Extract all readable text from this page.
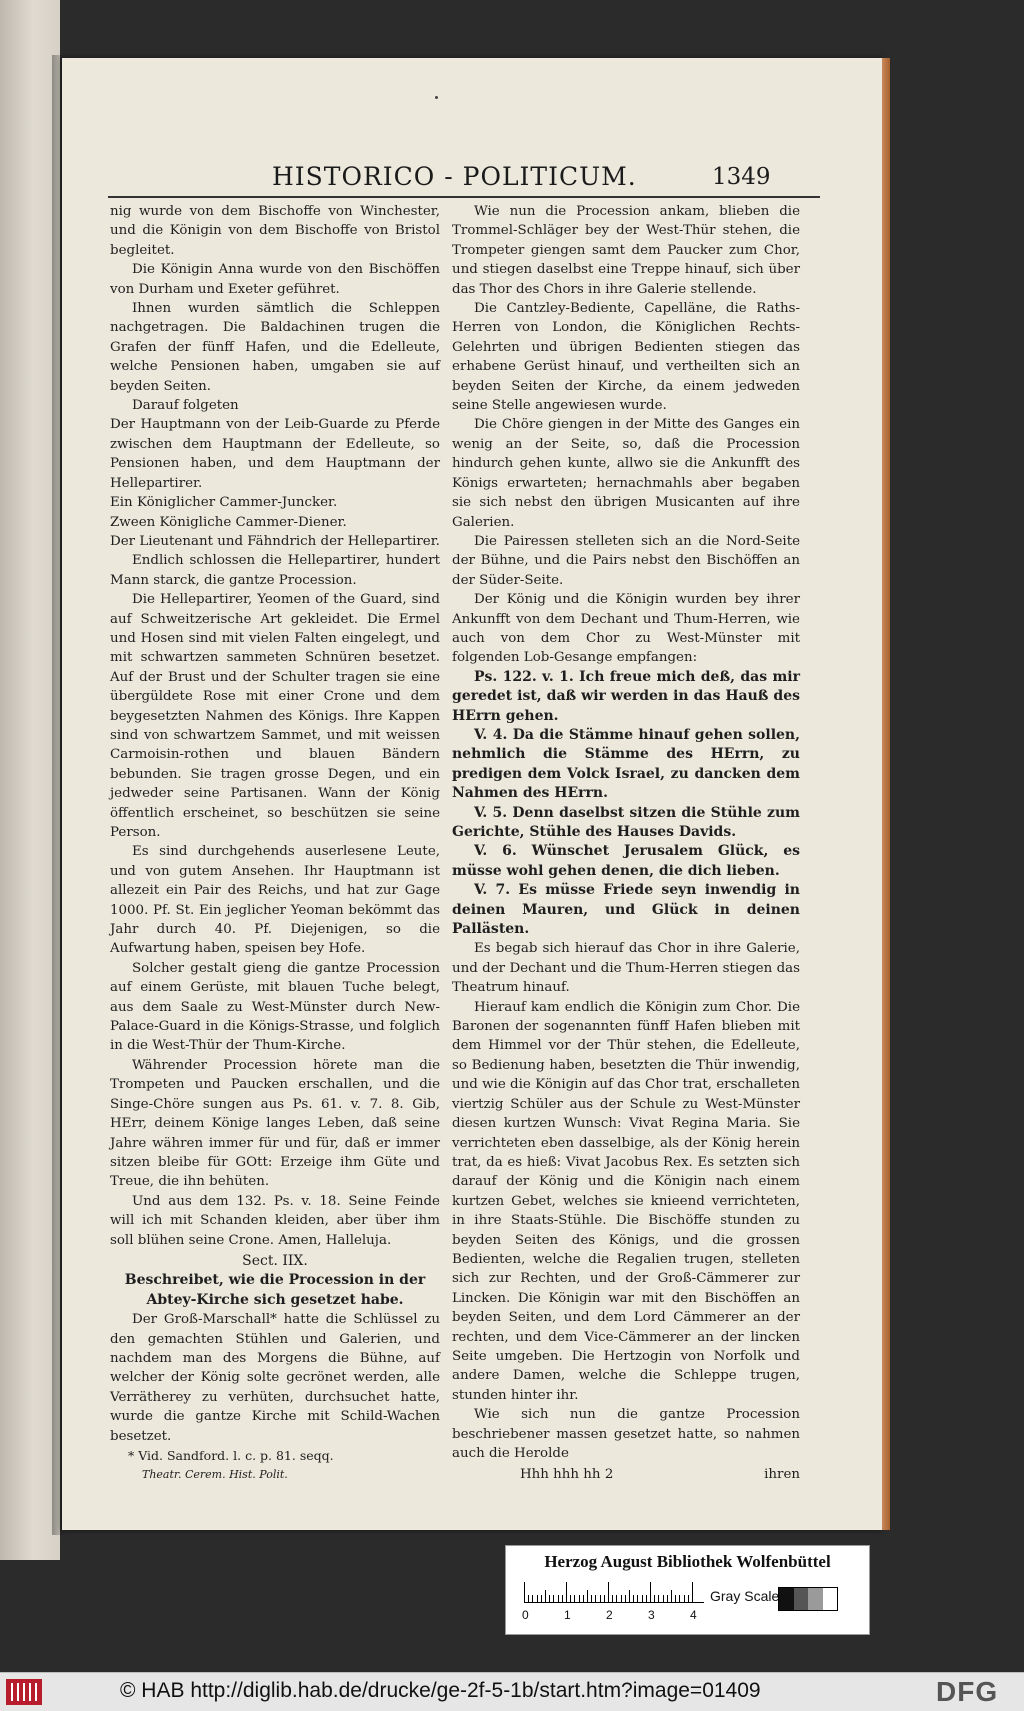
HISTORICO - POLITICUM.	1349

nig wurde von dem Bischoffe von Winchester, und die Königin von dem Bischoffe von Bristol begleitet.

Die Königin Anna wurde von den Bischöffen von Durham und Exeter geführet.

Ihnen wurden sämtlich die Schleppen nachgetragen. Die Baldachinen trugen die Grafen der fünff Hafen, und die Edelleute, welche Pensionen haben, umgaben sie auf beyden Seiten.

Darauf folgeten

Der Hauptmann von der Leib-Guarde zu Pferde zwischen dem Hauptmann der Edelleute, so Pensionen haben, und dem Hauptmann der Hellepartirer.

Ein Königlicher Cammer-Juncker.

Zween Königliche Cammer-Diener.

Der Lieutenant und Fähndrich der Hellepartirer.

Endlich schlossen die Hellepartirer, hundert Mann starck, die gantze Procession.

Die Hellepartirer, Yeomen of the Guard, sind auf Schweitzerische Art gekleidet. Die Ermel und Hosen sind mit vielen Falten eingelegt, und mit schwartzen sammeten Schnüren besetzet. Auf der Brust und der Schulter tragen sie eine übergüldete Rose mit einer Crone und dem beygesetzten Nahmen des Königs. Ihre Kappen sind von schwartzem Sammet, und mit weissen Carmoisin-rothen und blauen Bändern bebunden. Sie tragen grosse Degen, und ein jedweder seine Partisanen. Wann der König öffentlich erscheinet, so beschützen sie seine Person.

Es sind durchgehends auserlesene Leute, und von gutem Ansehen. Ihr Hauptmann ist allezeit ein Pair des Reichs, und hat zur Gage 1000. Pf. St. Ein jeglicher Yeoman bekömmt das Jahr durch 40. Pf. Diejenigen, so die Aufwartung haben, speisen bey Hofe.

Solcher gestalt gieng die gantze Procession auf einem Gerüste, mit blauen Tuche belegt, aus dem Saale zu West-Münster durch New-Palace-Guard in die Königs-Strasse, und folglich in die West-Thür der Thum-Kirche.

Währender Procession hörete man die Trompeten und Paucken erschallen, und die Singe-Chöre sungen aus Ps. 61. v. 7. 8. Gib, HErr, deinem Könige langes Leben, daß seine Jahre währen immer für und für, daß er immer sitzen bleibe für GOtt: Erzeige ihm Güte und Treue, die ihn behüten.

Und aus dem 132. Ps. v. 18. Seine Feinde will ich mit Schanden kleiden, aber über ihm soll blühen seine Crone. Amen, Halleluja.

Sect. IIX.

Beschreibet, wie die Procession in der Abtey-Kirche sich gesetzet habe.

Der Groß-Marschall* hatte die Schlüssel zu den gemachten Stühlen und Galerien, und nachdem man des Morgens die Bühne, auf welcher der König solte gecrönet werden, alle Verrätherey zu verhüten, durchsuchet hatte, wurde die gantze Kirche mit Schild-Wachen besetzet.

* Vid. Sandford. l. c. p. 81. seqq.

Theatr. Cerem. Hist. Polit.

Wie nun die Procession ankam, blieben die Trommel-Schläger bey der West-Thür stehen, die Trompeter giengen samt dem Paucker zum Chor, und stiegen daselbst eine Treppe hinauf, sich über das Thor des Chors in ihre Galerie stellende.

Die Cantzley-Bediente, Capelläne, die Raths-Herren von London, die Königlichen Rechts-Gelehrten und übrigen Bedienten stiegen das erhabene Gerüst hinauf, und vertheilten sich an beyden Seiten der Kirche, da einem jedweden seine Stelle angewiesen wurde.

Die Chöre giengen in der Mitte des Ganges ein wenig an der Seite, so, daß die Procession hindurch gehen kunte, allwo sie die Ankunfft des Königs erwarteten; hernachmahls aber begaben sie sich nebst den übrigen Musicanten auf ihre Galerien.

Die Pairessen stelleten sich an die Nord-Seite der Bühne, und die Pairs nebst den Bischöffen an der Süder-Seite.

Der König und die Königin wurden bey ihrer Ankunfft von dem Dechant und Thum-Herren, wie auch von dem Chor zu West-Münster mit folgenden Lob-Gesange empfangen:

Ps. 122. v. 1. Ich freue mich deß, das mir geredet ist, daß wir werden in das Hauß des HErrn gehen.

V. 4. Da die Stämme hinauf gehen sollen, nehmlich die Stämme des HErrn, zu predigen dem Volck Israel, zu dancken dem Nahmen des HErrn.

V. 5. Denn daselbst sitzen die Stühle zum Gerichte, Stühle des Hauses Davids.

V. 6. Wünschet Jerusalem Glück, es müsse wohl gehen denen, die dich lieben.

V. 7. Es müsse Friede seyn inwendig in deinen Mauren, und Glück in deinen Pallästen.

Es begab sich hierauf das Chor in ihre Galerie, und der Dechant und die Thum-Herren stiegen das Theatrum hinauf.

Hierauf kam endlich die Königin zum Chor. Die Baronen der sogenannten fünff Hafen blieben mit dem Himmel vor der Thür stehen, die Edelleute, so Bedienung haben, besetzten die Thür inwendig, und wie die Königin auf das Chor trat, erschalleten viertzig Schüler aus der Schule zu West-Münster diesen kurtzen Wunsch: Vivat Regina Maria. Sie verrichteten eben dasselbige, als der König herein trat, da es hieß: Vivat Jacobus Rex. Es setzten sich darauf der König und die Königin nach einem kurtzen Gebet, welches sie knieend verrichteten, in ihre Staats-Stühle. Die Bischöffe stunden zu beyden Seiten des Königs, und die grossen Bedienten, welche die Regalien trugen, stelleten sich zur Rechten, und der Groß-Cämmerer zur Lincken. Die Königin war mit den Bischöffen an beyden Seiten, und dem Lord Cämmerer an der rechten, und dem Vice-Cämmerer an der lincken Seite umgeben. Die Hertzogin von Norfolk und andere Damen, welche die Schleppe trugen, stunden hinter ihr.

Wie sich nun die gantze Procession beschriebener massen gesetzet hatte, so nahmen auch die Herolde

Hhh hhh hh 2	ihren
Herzog August Bibliothek Wolfenbüttel
0	1	2	3	4
Gray Scale
© HAB http://diglib.hab.de/drucke/ge-2f-5-1b/start.htm?image=01409	DFG
